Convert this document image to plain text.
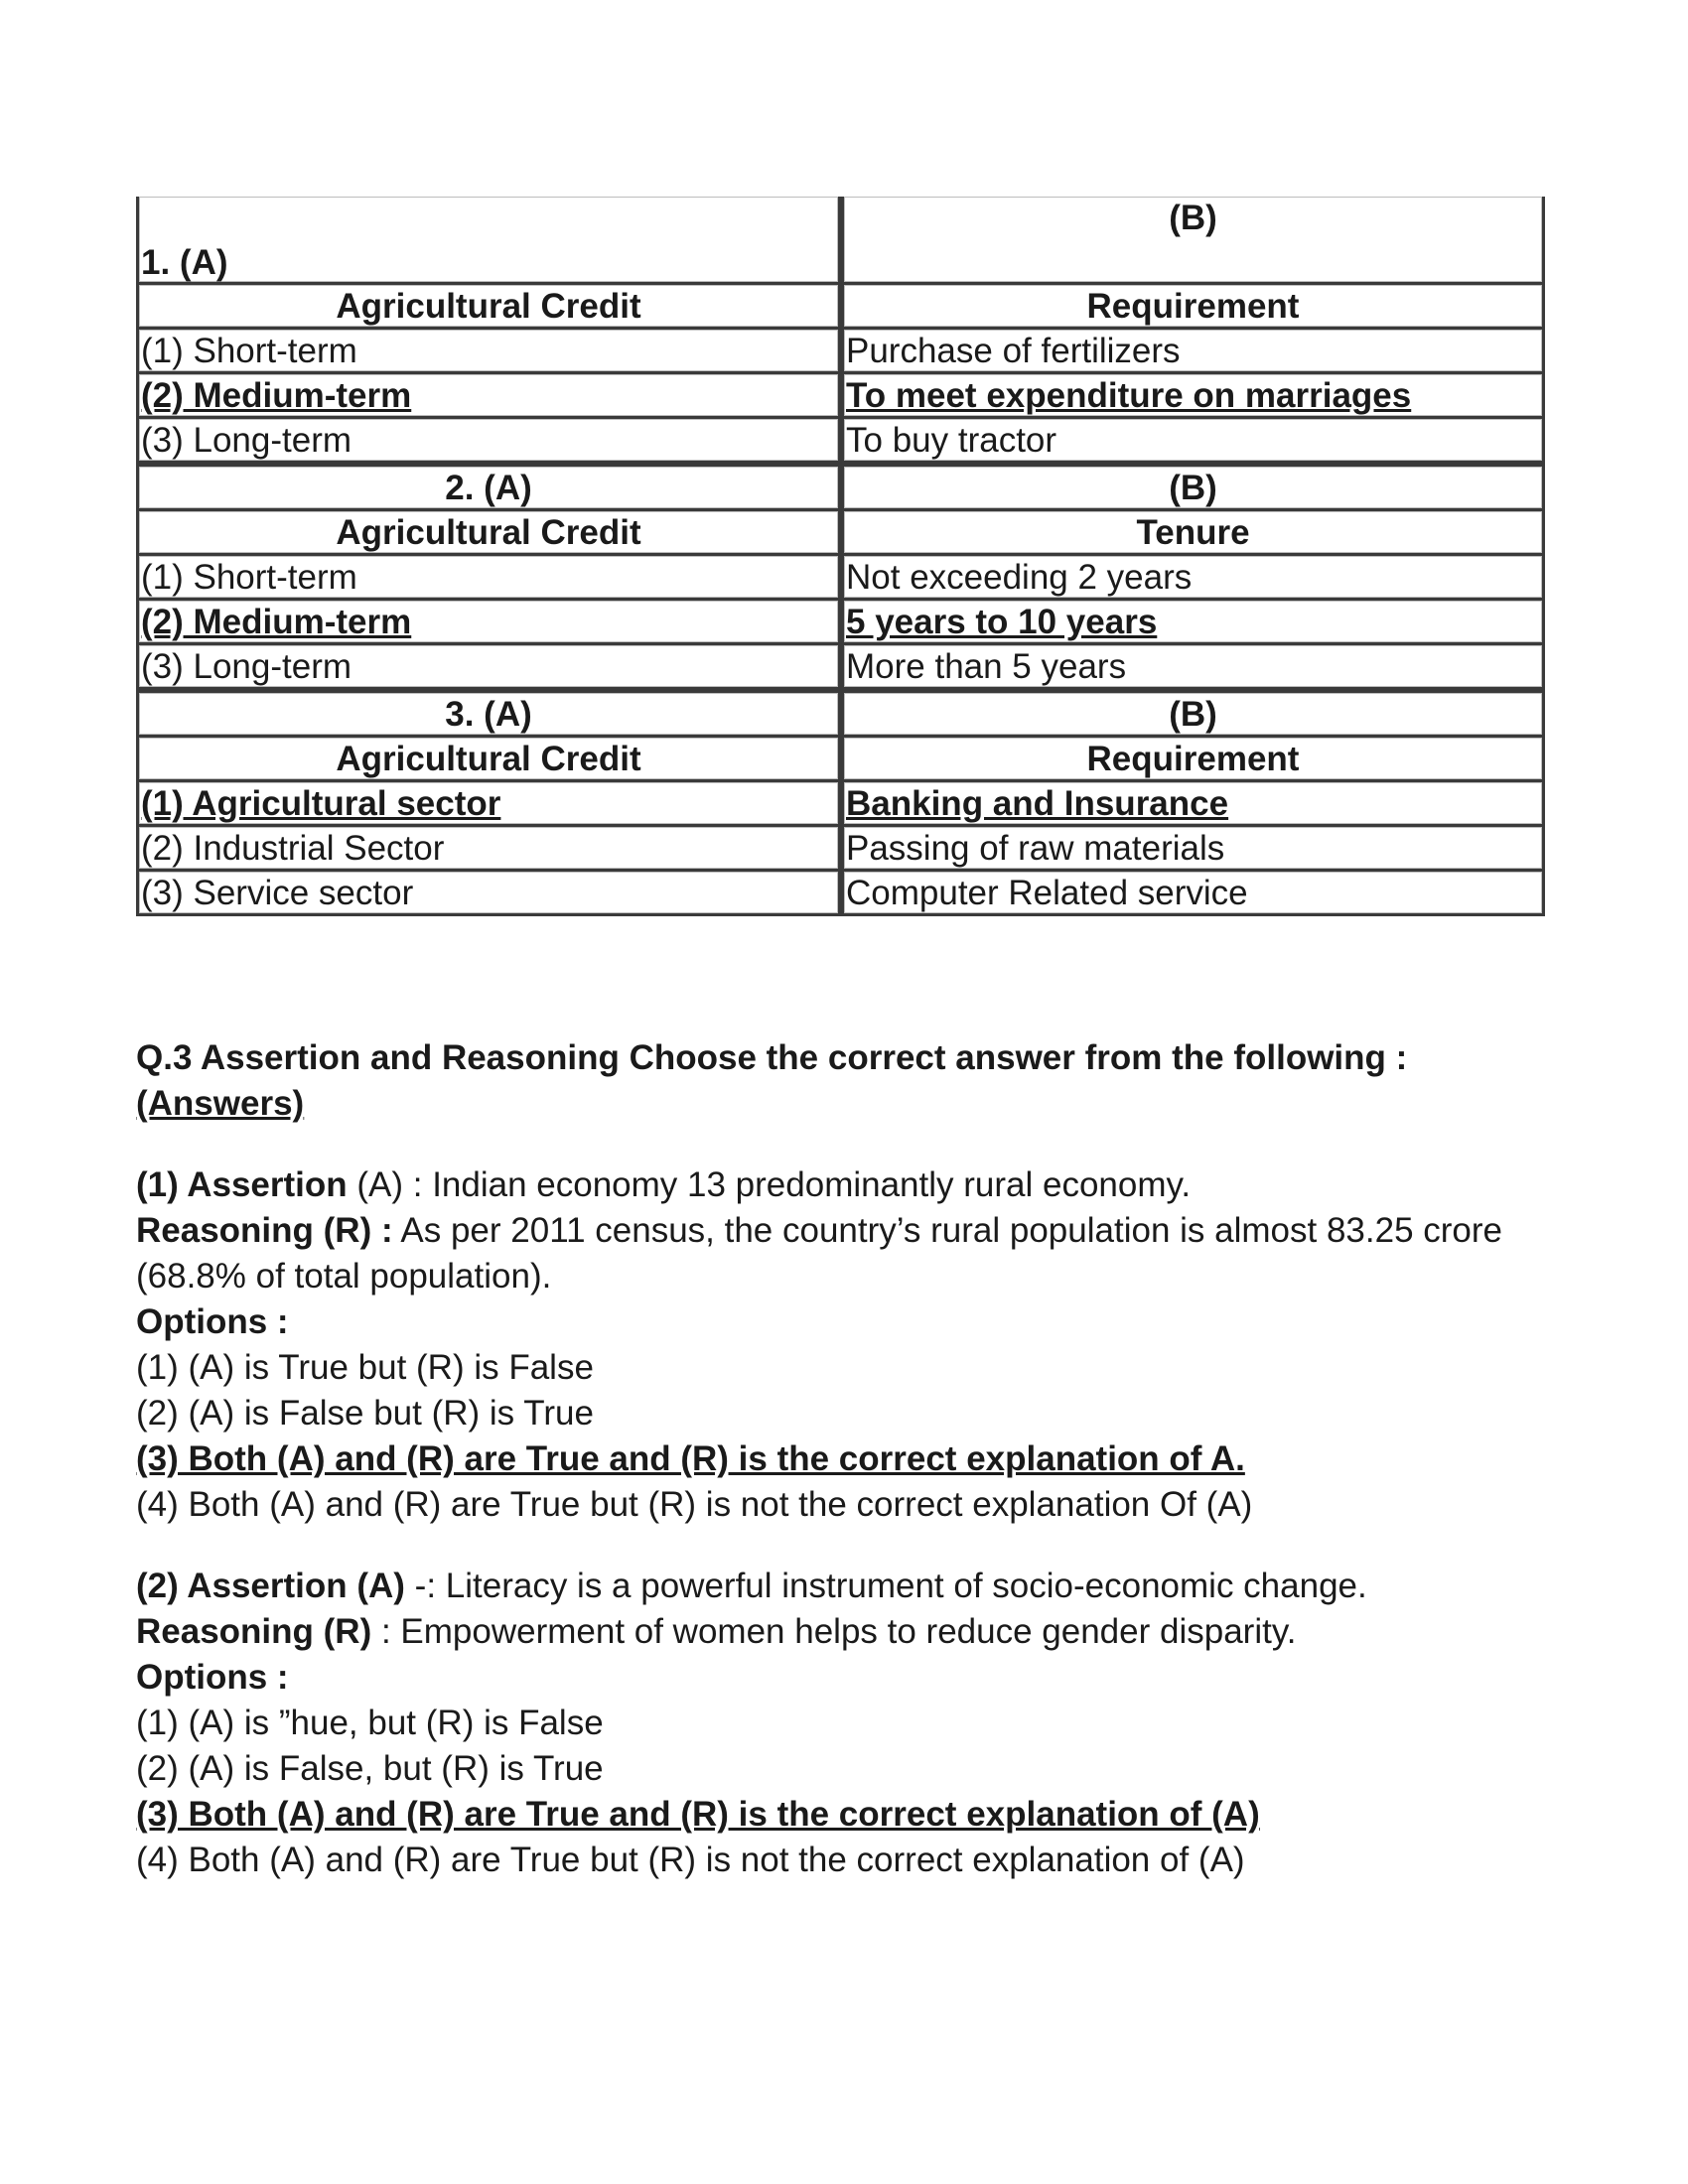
1. (A)	(B)
Agricultural Credit	Requirement
(1) Short-term	Purchase of fertilizers
(2) Medium-term	To meet expenditure on marriages
(3) Long-term	To buy tractor
2. (A)	(B)
Agricultural Credit	Tenure
(1) Short-term	Not exceeding 2 years
(2) Medium-term	5 years to 10 years
(3) Long-term	More than 5 years
3. (A)	(B)
Agricultural Credit	Requirement
(1) Agricultural sector	Banking and Insurance
(2) Industrial Sector	Passing of raw materials
(3) Service sector	Computer Related service

Q.3 Assertion and Reasoning Choose the correct answer from the following :
(Answers)

(1) Assertion (A) : Indian economy 13 predominantly rural economy.

Reasoning (R) : As per 2011 census, the country’s rural population is almost 83.25 crore (68.8% of total population).

Options :

(1) (A) is True but (R) is False

(2) (A) is False but (R) is True

(3) Both (A) and (R) are True and (R) is the correct explanation of A.

(4) Both (A) and (R) are True but (R) is not the correct explanation Of (A)

(2) Assertion (A) -: Literacy is a powerful instrument of socio-economic change.

Reasoning (R) : Empowerment of women helps to reduce gender disparity.

Options :

(1) (A) is ”hue, but (R) is False

(2) (A) is False, but (R) is True

(3) Both (A) and (R) are True and (R) is the correct explanation of (A)

(4) Both (A) and (R) are True but (R) is not the correct explanation of (A)
